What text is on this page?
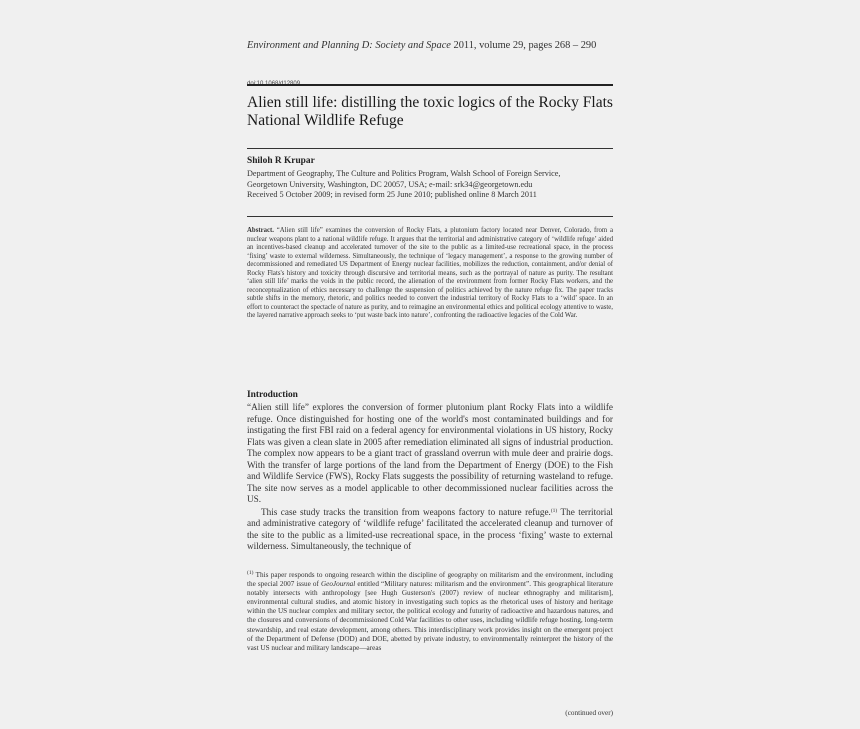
Environment and Planning D: Society and Space 2011, volume 29, pages 268 – 290
doi:10.1068/d12809
Alien still life: distilling the toxic logics of the Rocky Flats National Wildlife Refuge
Shiloh R Krupar
Department of Geography, The Culture and Politics Program, Walsh School of Foreign Service,
Georgetown University, Washington, DC 20057, USA; e-mail: srk34@georgetown.edu
Received 5 October 2009; in revised form 25 June 2010; published online 8 March 2011
Abstract. “Alien still life” examines the conversion of Rocky Flats, a plutonium factory located near Denver, Colorado, from a nuclear weapons plant to a national wildlife refuge. It argues that the territorial and administrative category of ‘wildlife refuge’ aided an incentives-based cleanup and accelerated turnover of the site to the public as a limited-use recreational space, in the process ‘fixing’ waste to external wilderness. Simultaneously, the technique of ‘legacy management’, a response to the growing number of decommissioned and remediated US Department of Energy nuclear facilities, mobilizes the reduction, containment, and/or denial of Rocky Flats's history and toxicity through discursive and territorial means, such as the portrayal of nature as purity. The resultant ‘alien still life’ marks the voids in the public record, the alienation of the environment from former Rocky Flats workers, and the reconceptualization of ethics necessary to challenge the suspension of politics achieved by the nature refuge fix. The paper tracks subtle shifts in the memory, rhetoric, and politics needed to convert the industrial territory of Rocky Flats to a ‘wild’ space. In an effort to counteract the spectacle of nature as purity, and to reimagine an environmental ethics and political ecology attentive to waste, the layered narrative approach seeks to ‘put waste back into nature’, confronting the radioactive legacies of the Cold War.
Introduction

“Alien still life” explores the conversion of former plutonium plant Rocky Flats into a wildlife refuge. Once distinguished for hosting one of the world's most contaminated buildings and for instigating the first FBI raid on a federal agency for environmental violations in US history, Rocky Flats was given a clean slate in 2005 after remediation eliminated all signs of industrial production. The complex now appears to be a giant tract of grassland overrun with mule deer and prairie dogs. With the transfer of large portions of the land from the Department of Energy (DOE) to the Fish and Wildlife Service (FWS), Rocky Flats suggests the possibility of returning wasteland to refuge. The site now serves as a model applicable to other decommissioned nuclear facilities across the US.

This case study tracks the transition from weapons factory to nature refuge.$^{(1)}$ The territorial and administrative category of ‘wildlife refuge’ facilitated the accelerated cleanup and turnover of the site to the public as a limited-use recreational space, in the process ‘fixing’ waste to external wilderness. Simultaneously, the technique of

$^{(1)}$ This paper responds to ongoing research within the discipline of geography on militarism and the environment, including the special 2007 issue of GeoJournal entitled “Military natures: militarism and the environment”. This geographical literature notably intersects with anthropology [see Hugh Gusterson's (2007) review of nuclear ethnography and militarism], environmental cultural studies, and atomic history in investigating such topics as the rhetorical uses of history and heritage within the US nuclear complex and military sector, the political ecology and futurity of radioactive and hazardous natures, and the closures and conversions of decommissioned Cold War facilities to other uses, including wildlife refuge hosting, long-term stewardship, and real estate development, among others. This interdisciplinary work provides insight on the emergent project of the Department of Defense (DOD) and DOE, abetted by private industry, to environmentally reinterpret the history of the vast US nuclear and military landscape—areas

(continued over)
